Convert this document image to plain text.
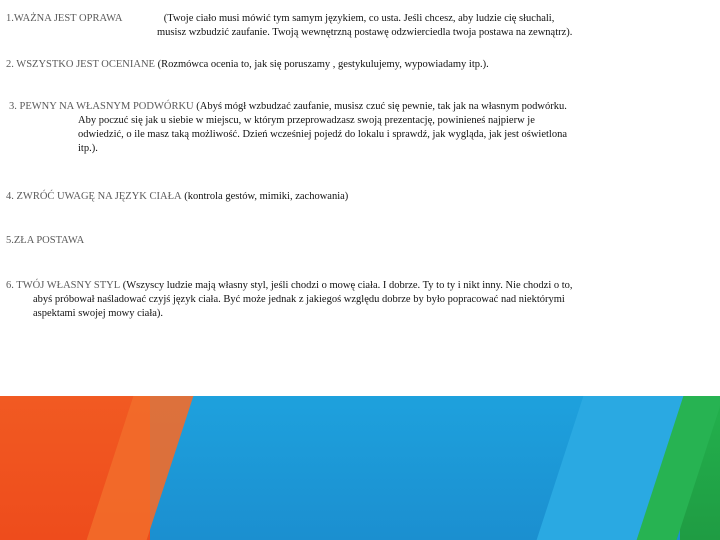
1.WAŻNA JEST OPRAWA	(Twoje ciało musi mówić tym samym językiem, co usta. Jeśli chcesz, aby ludzie cię słuchali,
musisz wzbudzić zaufanie. Twoją wewnętrzną postawę odzwierciedla twoja postawa na zewnątrz).
2. WSZYSTKO JEST OCENIANE (Rozmówca ocenia to, jak się poruszamy , gestykulujemy, wypowiadamy itp.).
3. PEWNY NA WŁASNYM PODWÓRKU (Abyś mógł wzbudzać zaufanie, musisz czuć się pewnie, tak jak na własnym podwórku.
Aby poczuć się jak u siebie w miejscu, w którym przeprowadzasz swoją prezentację, powinieneś najpierw je
odwiedzić, o ile masz taką możliwość. Dzień wcześniej pojedź do lokalu i sprawdź, jak wygląda, jak jest oświetlona
itp.).
4. ZWRÓĆ UWAGĘ NA JĘZYK CIAŁA (kontrola gestów, mimiki, zachowania)
5.ZŁA POSTAWA
6. TWÓJ WŁASNY STYL (Wszyscy ludzie mają własny styl, jeśli chodzi o mowę ciała. I dobrze. Ty to ty i nikt inny. Nie chodzi o to,
abyś próbował naśladować czyjś język ciała. Być może jednak z jakiegoś względu dobrze by było popracować nad niektórymi
aspektami swojej mowy ciała).
